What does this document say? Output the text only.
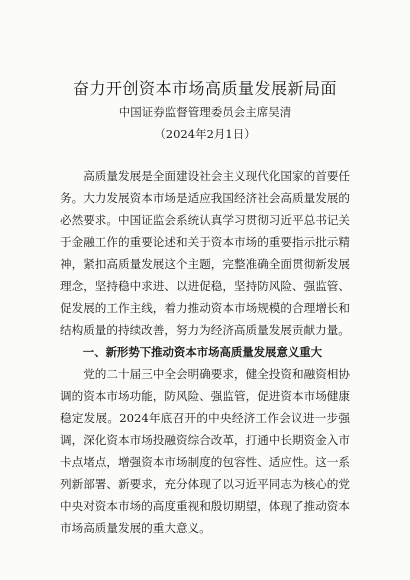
奋力开创资本市场高质量发展新局面

中国证券监督管理委员会主席吴清

（2024年2月1日）

高质量发展是全面建设社会主义现代化国家的首要任务。大力发展资本市场是适应我国经济社会高质量发展的必然要求。中国证监会系统认真学习贯彻习近平总书记关于金融工作的重要论述和关于资本市场的重要指示批示精神，紧扣高质量发展这个主题，完整准确全面贯彻新发展理念，坚持稳中求进、以进促稳，坚持防风险、强监管、促发展的工作主线，着力推动资本市场规模的合理增长和结构质量的持续改善，努力为经济高质量发展贡献力量。

一、新形势下推动资本市场高质量发展意义重大

党的二十届三中全会明确要求，健全投资和融资相协调的资本市场功能，防风险、强监管，促进资本市场健康稳定发展。2024年底召开的中央经济工作会议进一步强调，深化资本市场投融资综合改革，打通中长期资金入市卡点堵点，增强资本市场制度的包容性、适应性。这一系列新部署、新要求，充分体现了以习近平同志为核心的党中央对资本市场的高度重视和殷切期望，体现了推动资本市场高质量发展的重大意义。
